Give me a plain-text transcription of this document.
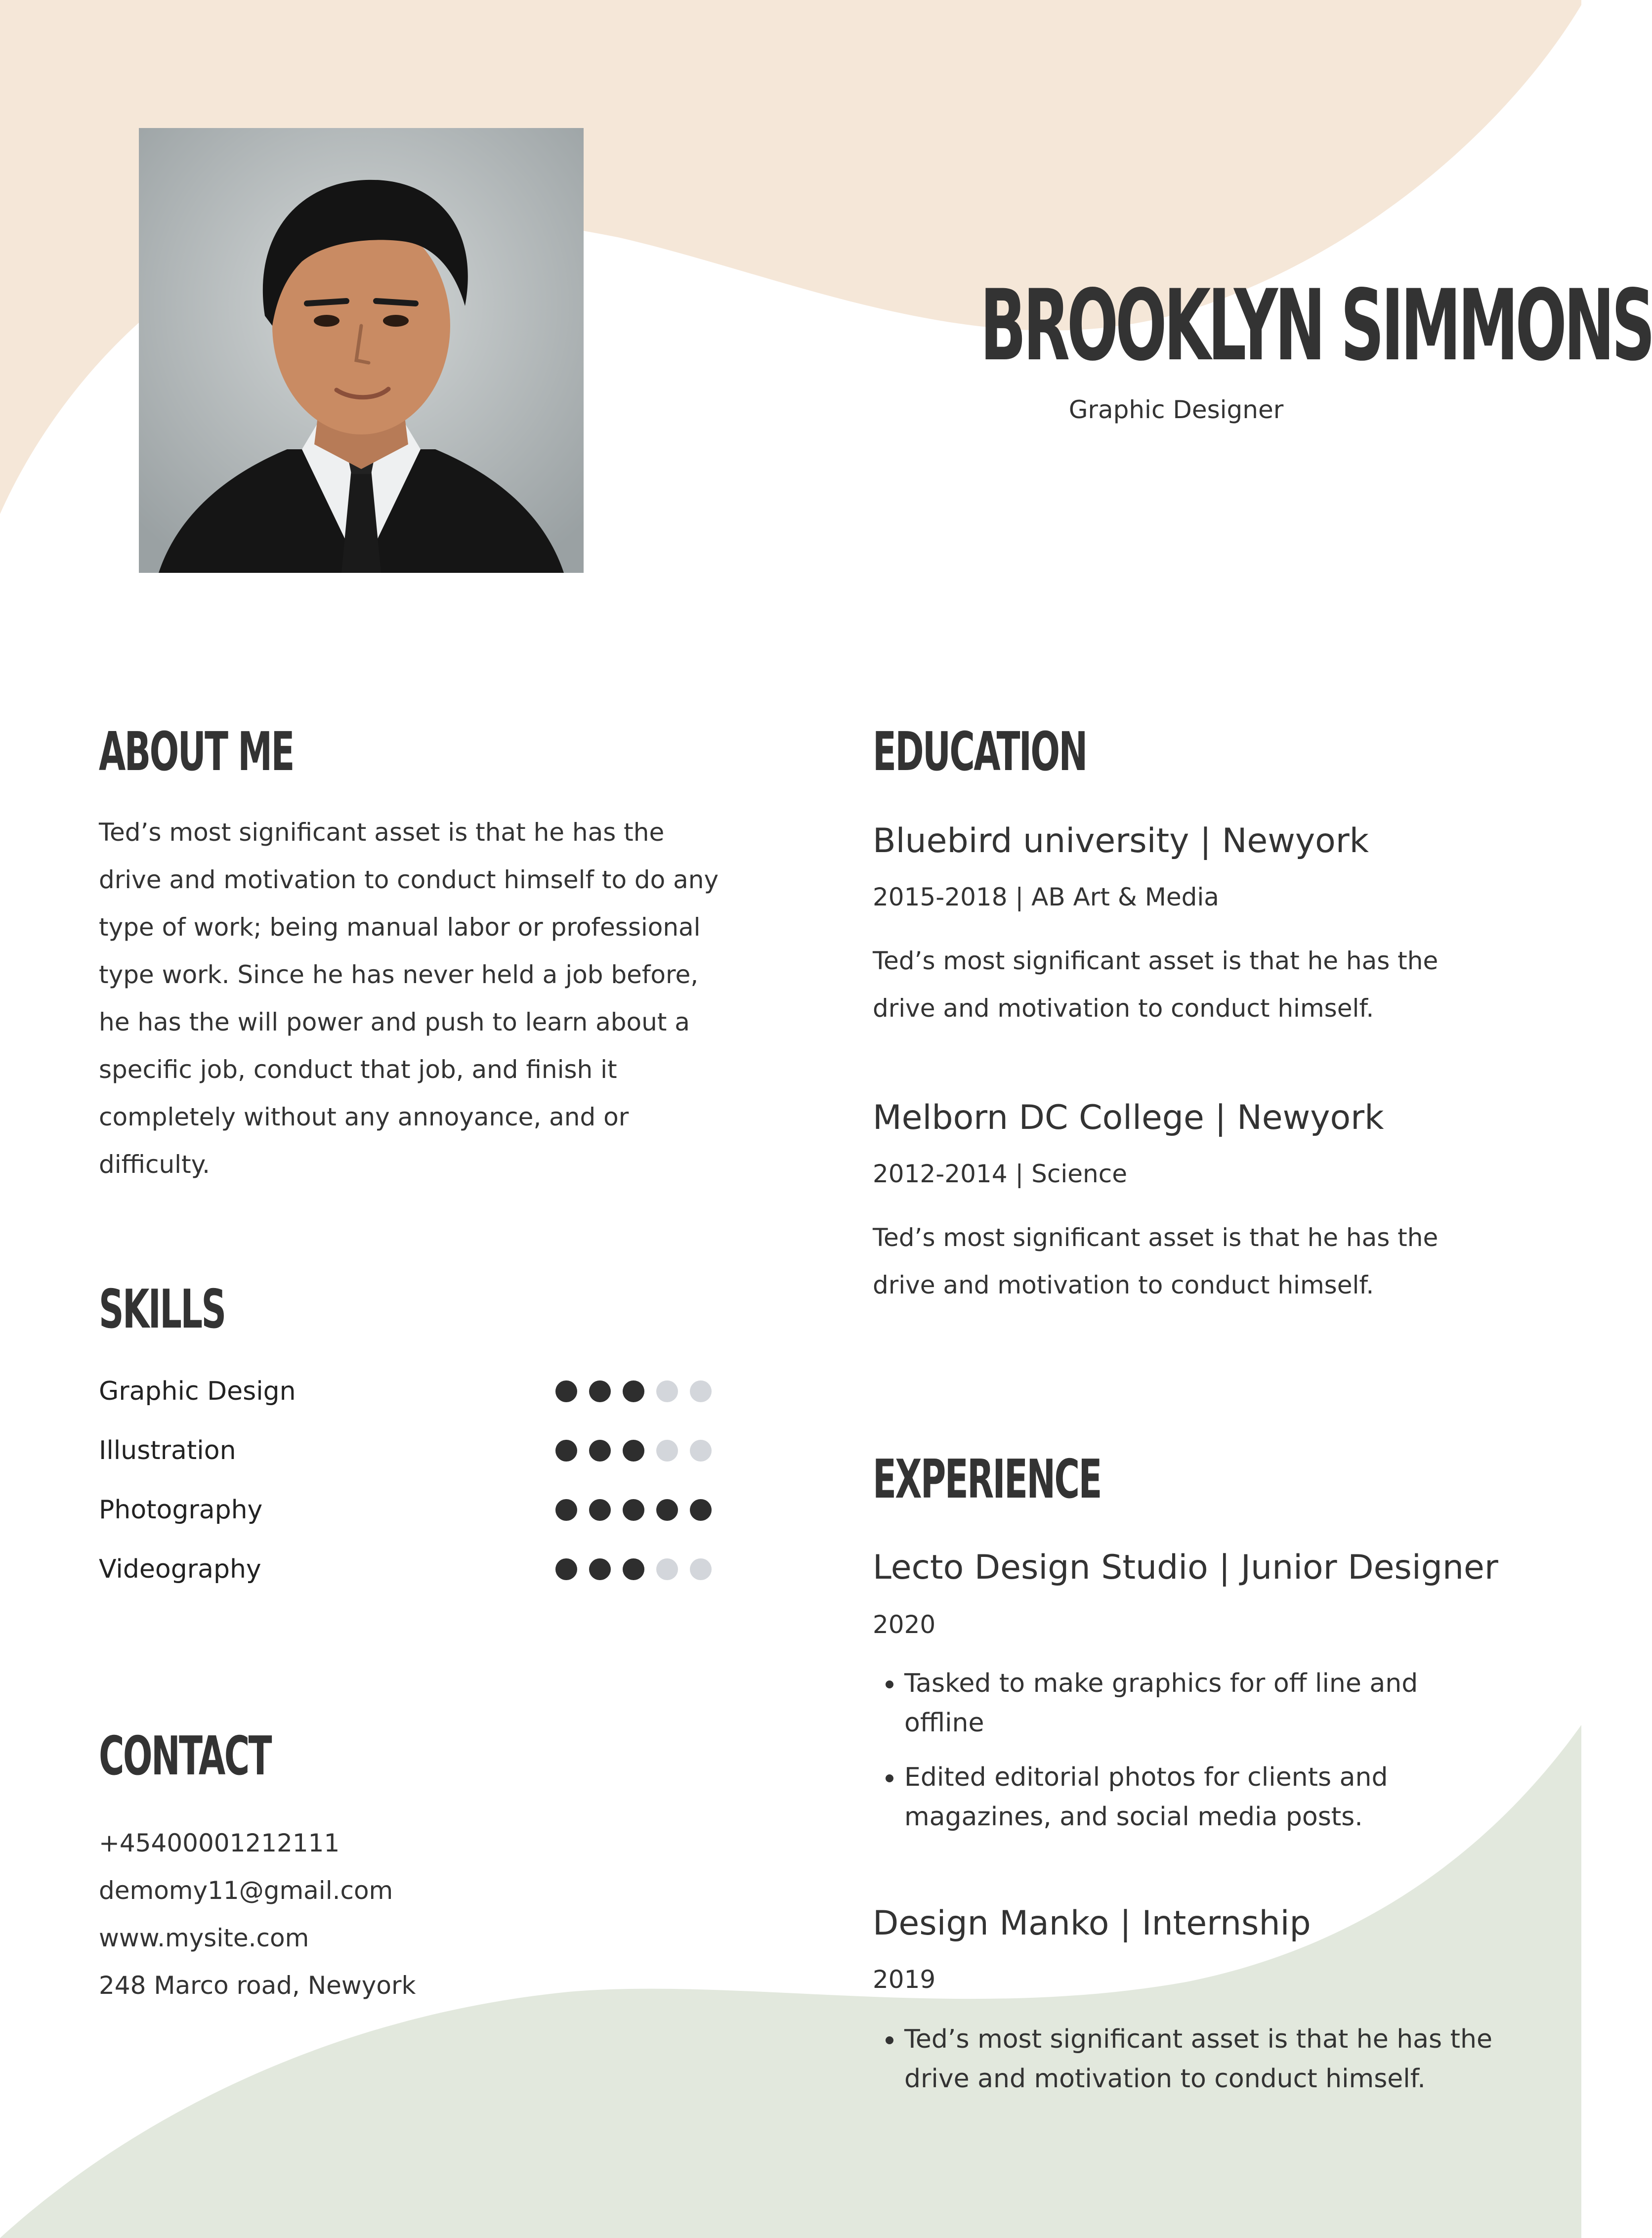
BROOKLYN SIMMONS
Graphic Designer
ABOUT ME
Ted’s most significant asset is that he has the drive and motivation to conduct himself to do any type of work; being manual labor or professional type work. Since he has never held a job before, he has the will power and push to learn about a specific job, conduct that job, and finish it completely without any annoyance, and or difficulty.
SKILLS
Graphic Design
Illustration
Photography
Videography
CONTACT
+45400001212111
demomy11@gmail.com
www.mysite.com
248 Marco road, Newyork
EDUCATION
Bluebird university | Newyork
2015-2018 | AB Art & Media
Ted’s most significant asset is that he has the drive and motivation to conduct himself.
Melborn DC College | Newyork
2012-2014 | Science
Ted’s most significant asset is that he has the drive and motivation to conduct himself.
EXPERIENCE
Lecto Design Studio | Junior Designer
2020
• Tasked to make graphics for off line and offline
• Edited editorial photos for clients and magazines, and social media posts.
Design Manko | Internship
2019
• Ted’s most significant asset is that he has the drive and motivation to conduct himself.
